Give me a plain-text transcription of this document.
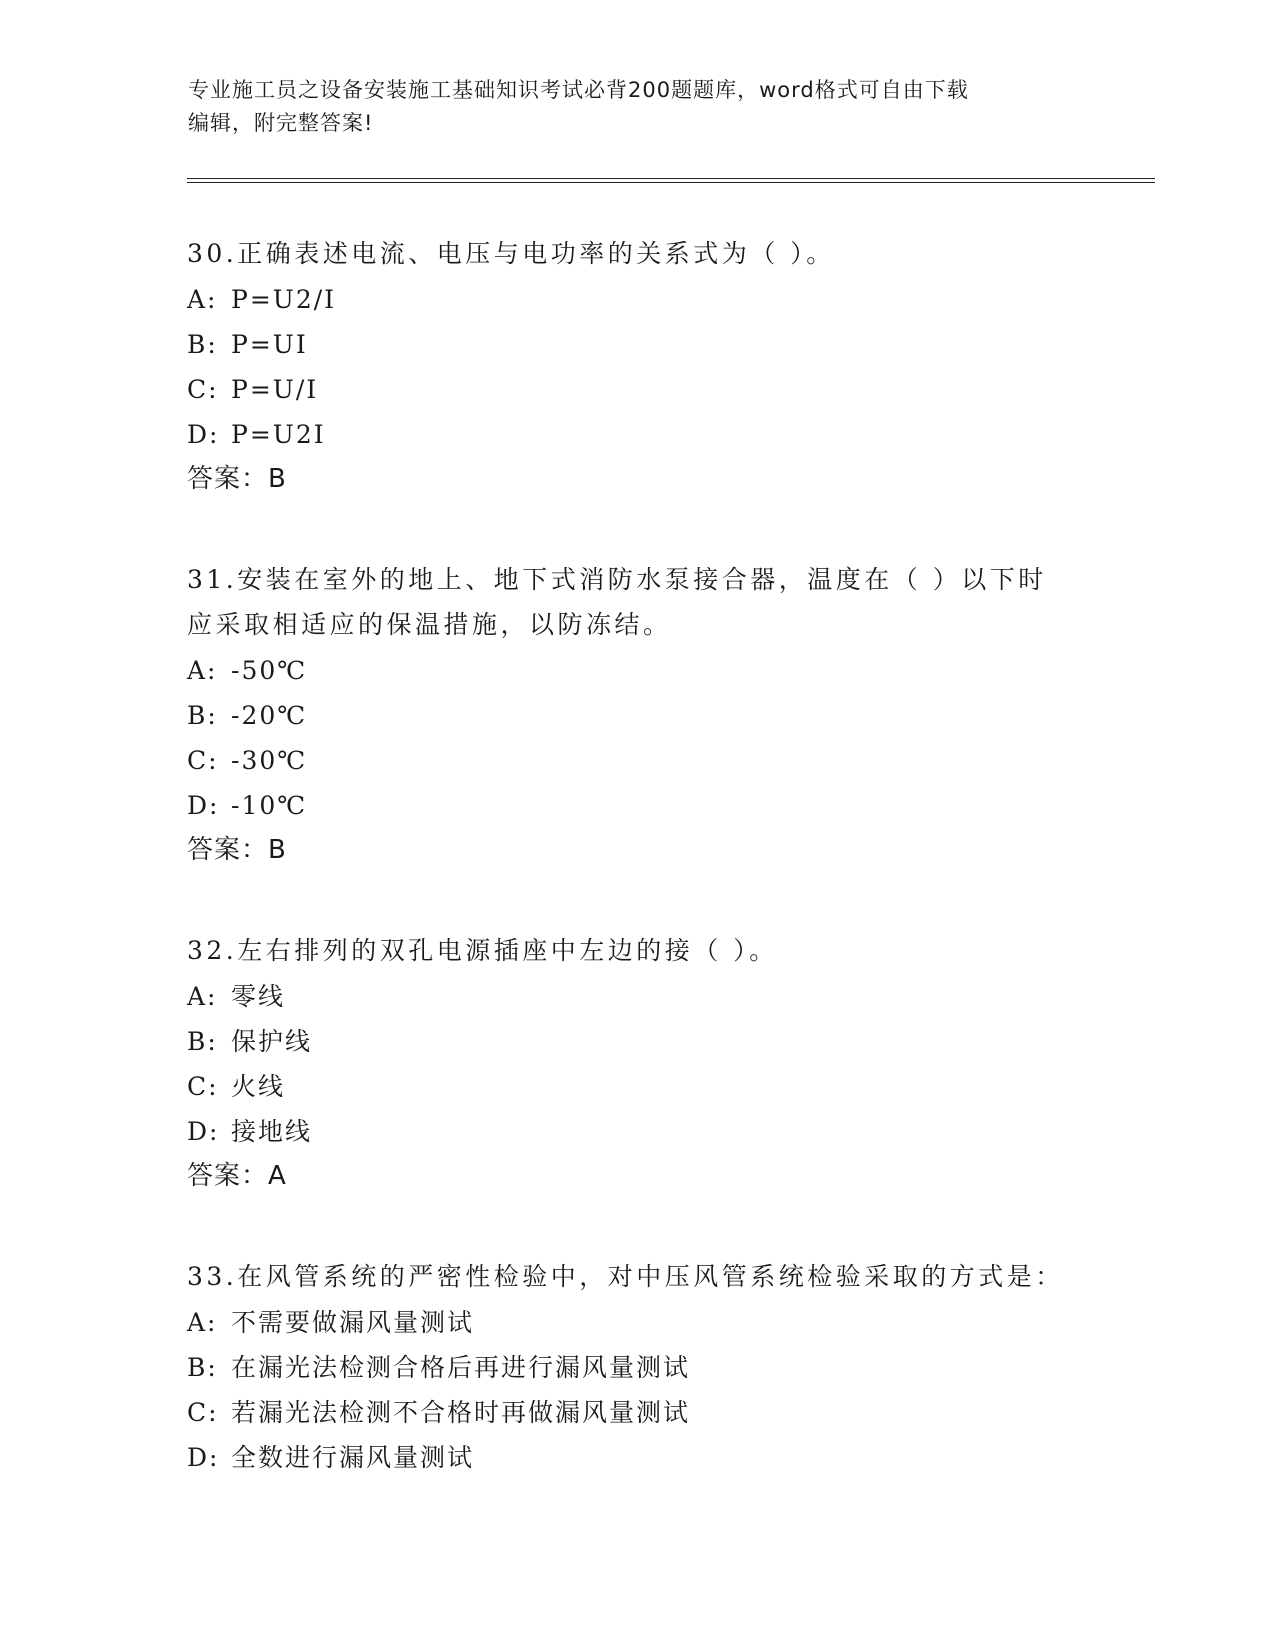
专业施工员之设备安装施工基础知识考试必背200题题库，word格式可自由下载
编辑，附完整答案!
30.正确表述电流、电压与电功率的关系式为（ ）。
A: P=U2/I
B: P=UI
C: P=U/I
D: P=U2I
答案：B
31.安装在室外的地上、地下式消防水泵接合器，温度在（ ）以下时
应采取相适应的保温措施，以防冻结。
A: -50℃
B: -20℃
C: -30℃
D: -10℃
答案：B
32.左右排列的双孔电源插座中左边的接（ ）。
A: 零线
B: 保护线
C: 火线
D: 接地线
答案：A
33.在风管系统的严密性检验中，对中压风管系统检验采取的方式是：
A: 不需要做漏风量测试
B: 在漏光法检测合格后再进行漏风量测试
C: 若漏光法检测不合格时再做漏风量测试
D: 全数进行漏风量测试
